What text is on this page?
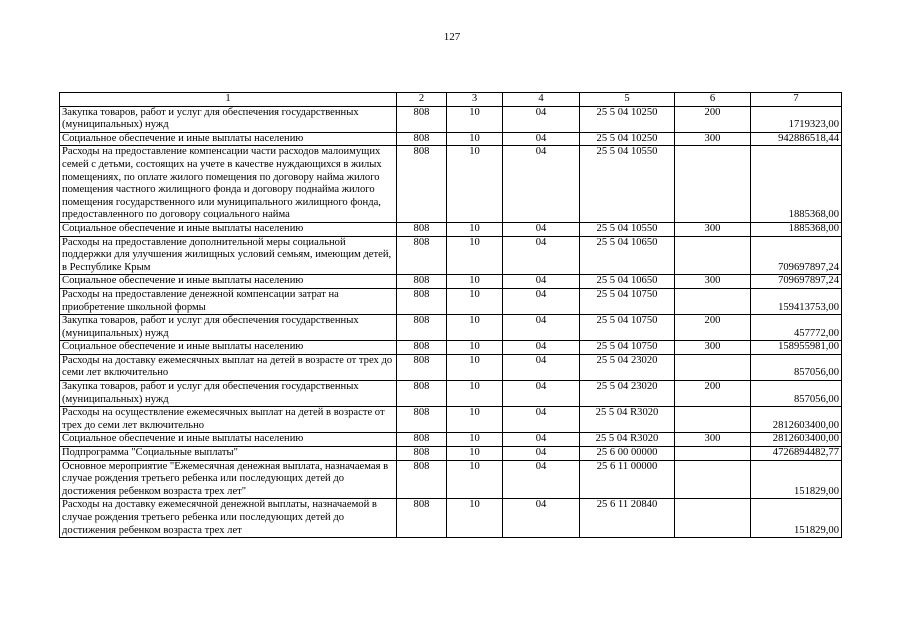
127
1	2	3	4	5	6	7
Закупка товаров, работ и услуг для обеспечения государственных (муниципальных) нужд	808	10	04	25 5 04 10250	200	1719323,00
Социальное обеспечение и иные выплаты населению	808	10	04	25 5 04 10250	300	942886518,44
Расходы на предоставление компенсации части расходов малоимущих семей с детьми, состоящих на учете в качестве нуждающихся в жилых помещениях, по оплате жилого помещения по договору найма жилого помещения частного жилищного фонда и договору поднайма жилого помещения государственного или муниципального жилищного фонда, предоставленного по договору социального найма	808	10	04	25 5 04 10550		1885368,00
Социальное обеспечение и иные выплаты населению	808	10	04	25 5 04 10550	300	1885368,00
Расходы на предоставление дополнительной меры социальной поддержки для улучшения жилищных условий семьям, имеющим детей, в Республике Крым	808	10	04	25 5 04 10650		709697897,24
Социальное обеспечение и иные выплаты населению	808	10	04	25 5 04 10650	300	709697897,24
Расходы на предоставление денежной компенсации затрат на приобретение школьной формы	808	10	04	25 5 04 10750		159413753,00
Закупка товаров, работ и услуг для обеспечения государственных (муниципальных) нужд	808	10	04	25 5 04 10750	200	457772,00
Социальное обеспечение и иные выплаты населению	808	10	04	25 5 04 10750	300	158955981,00
Расходы на доставку ежемесячных выплат на детей в возрасте от трех до семи лет включительно	808	10	04	25 5 04 23020		857056,00
Закупка товаров, работ и услуг для обеспечения государственных (муниципальных) нужд	808	10	04	25 5 04 23020	200	857056,00
Расходы на осуществление ежемесячных выплат на детей в возрасте от трех до семи лет включительно	808	10	04	25 5 04 R3020		2812603400,00
Социальное обеспечение и иные выплаты населению	808	10	04	25 5 04 R3020	300	2812603400,00
Подпрограмма "Социальные выплаты"	808	10	04	25 6 00 00000		4726894482,77
Основное мероприятие "Ежемесячная денежная выплата, назначаемая в случае рождения третьего ребенка или последующих детей до достижения ребенком возраста трех лет"	808	10	04	25 6 11 00000		151829,00
Расходы на доставку ежемесячной денежной выплаты, назначаемой в случае рождения третьего ребенка или последующих детей до достижения ребенком возраста трех лет	808	10	04	25 6 11 20840		151829,00
